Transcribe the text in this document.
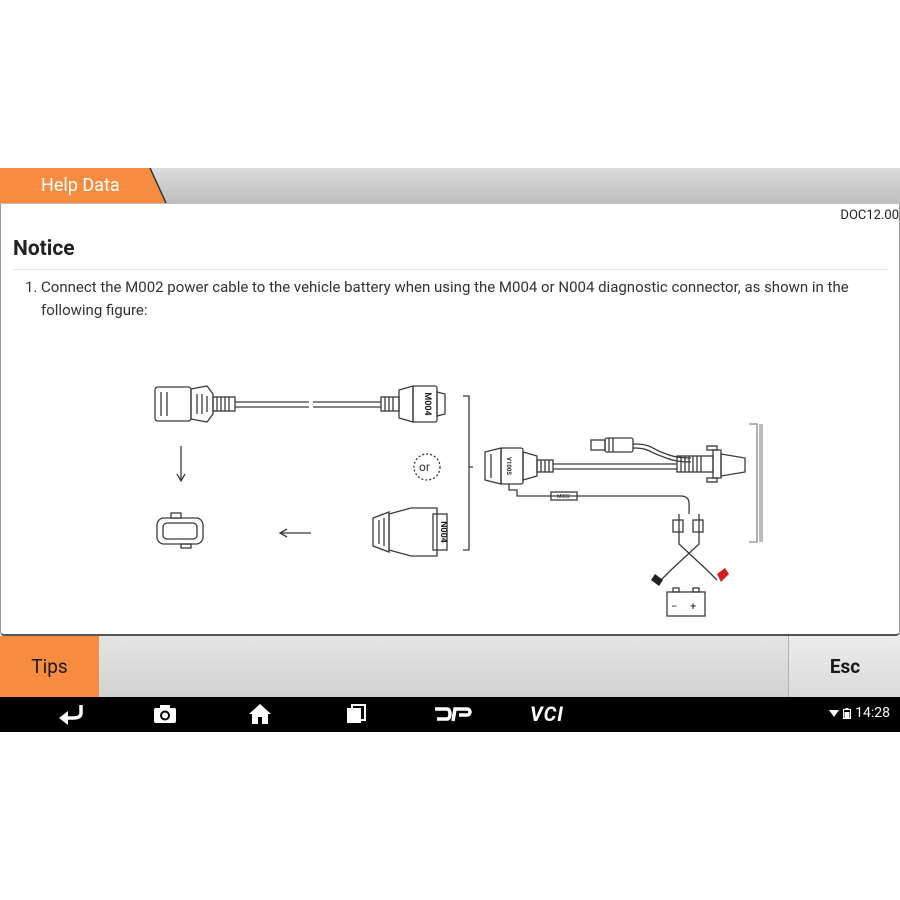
Help Data
DOC12.00
Notice
1. Connect the M002 power cable to the vehicle battery when using the M004 or N004 diagnostic connector, as shown in the following figure:
M004
or
N004
V100S
M002
− +
Tips	Esc
VCI	14:28
